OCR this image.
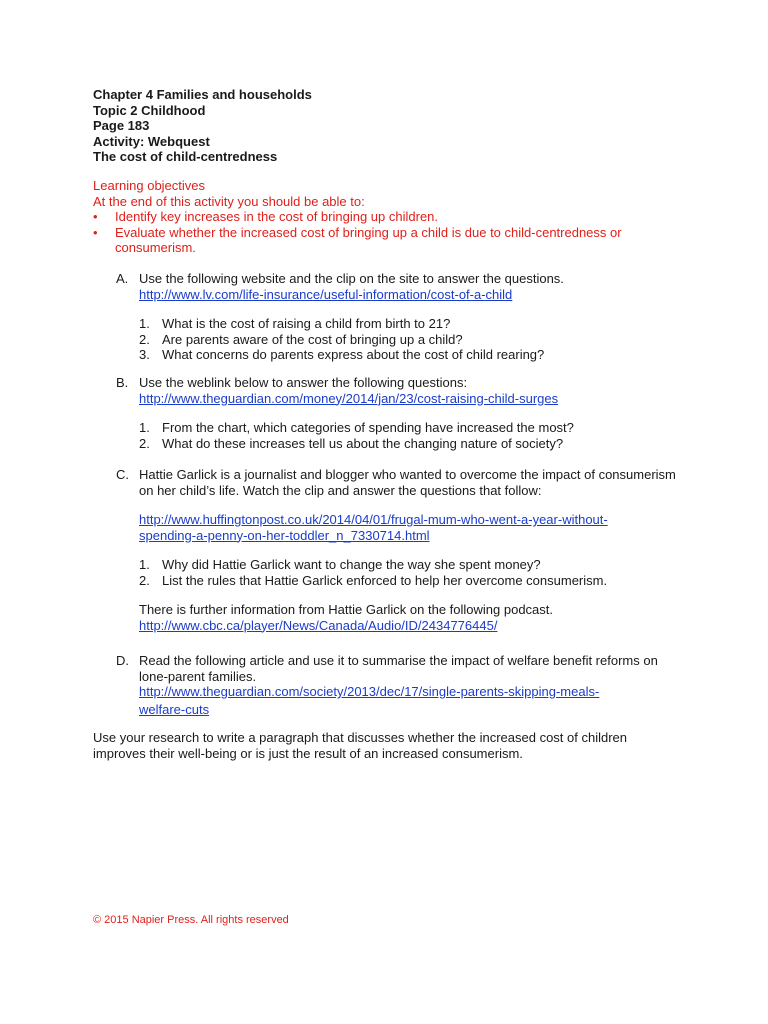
Chapter 4 Families and households
Topic 2 Childhood
Page 183
Activity: Webquest
The cost of child-centredness
Learning objectives
At the end of this activity you should be able to:
• Identify key increases in the cost of bringing up children.
• Evaluate whether the increased cost of bringing up a child is due to child-centredness or consumerism.
A. Use the following website and the clip on the site to answer the questions.
http://www.lv.com/life-insurance/useful-information/cost-of-a-child
1. What is the cost of raising a child from birth to 21?
2. Are parents aware of the cost of bringing up a child?
3. What concerns do parents express about the cost of child rearing?
B. Use the weblink below to answer the following questions:
http://www.theguardian.com/money/2014/jan/23/cost-raising-child-surges
1. From the chart, which categories of spending have increased the most?
2. What do these increases tell us about the changing nature of society?
C. Hattie Garlick is a journalist and blogger who wanted to overcome the impact of consumerism on her child’s life. Watch the clip and answer the questions that follow:
http://www.huffingtonpost.co.uk/2014/04/01/frugal-mum-who-went-a-year-without-
spending-a-penny-on-her-toddler_n_7330714.html
1. Why did Hattie Garlick want to change the way she spent money?
2. List the rules that Hattie Garlick enforced to help her overcome consumerism.
There is further information from Hattie Garlick on the following podcast.
http://www.cbc.ca/player/News/Canada/Audio/ID/2434776445/
D. Read the following article and use it to summarise the impact of welfare benefit reforms on lone-parent families.
http://www.theguardian.com/society/2013/dec/17/single-parents-skipping-meals-
welfare-cuts
Use your research to write a paragraph that discusses whether the increased cost of children improves their well-being or is just the result of an increased consumerism.
© 2015 Napier Press. All rights reserved
